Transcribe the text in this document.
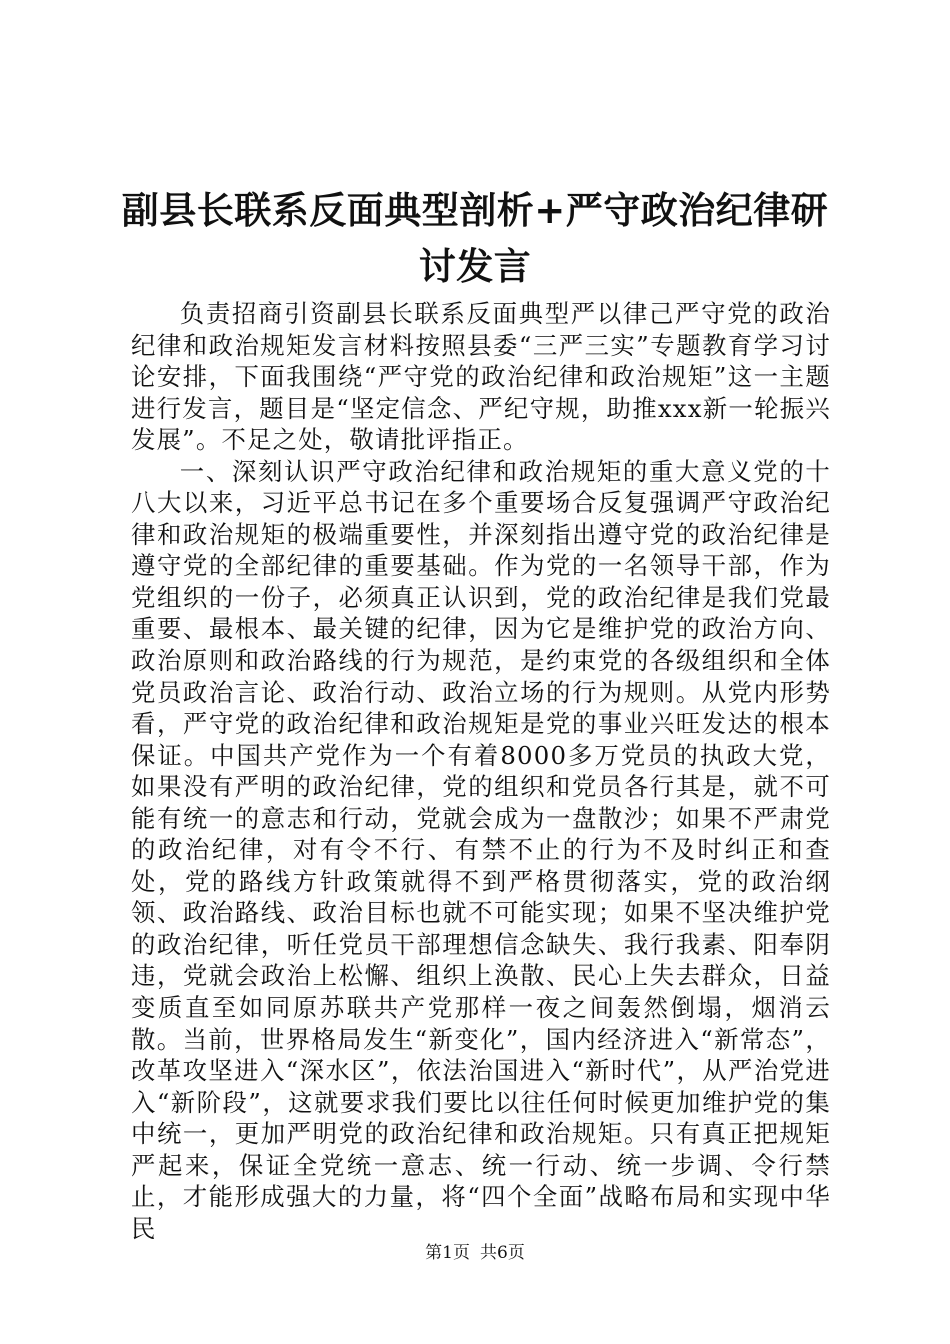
副县长联系反面典型剖析+严守政治纪律研讨发言

负责招商引资副县长联系反面典型严以律己严守党的政治纪律和政治规矩发言材料按照县委“三严三实”专题教育学习讨论安排，下面我围绕“严守党的政治纪律和政治规矩”这一主题进行发言，题目是“坚定信念、严纪守规，助推xxx新一轮振兴发展”。不足之处，敬请批评指正。

一、深刻认识严守政治纪律和政治规矩的重大意义党的十八大以来，习近平总书记在多个重要场合反复强调严守政治纪律和政治规矩的极端重要性，并深刻指出遵守党的政治纪律是遵守党的全部纪律的重要基础。作为党的一名领导干部，作为党组织的一份子，必须真正认识到，党的政治纪律是我们党最重要、最根本、最关键的纪律，因为它是维护党的政治方向、政治原则和政治路线的行为规范，是约束党的各级组织和全体党员政治言论、政治行动、政治立场的行为规则。从党内形势看，严守党的政治纪律和政治规矩是党的事业兴旺发达的根本保证。中国共产党作为一个有着8000多万党员的执政大党，如果没有严明的政治纪律，党的组织和党员各行其是，就不可能有统一的意志和行动，党就会成为一盘散沙；如果不严肃党的政治纪律，对有令不行、有禁不止的行为不及时纠正和查处，党的路线方针政策就得不到严格贯彻落实，党的政治纲领、政治路线、政治目标也就不可能实现；如果不坚决维护党的政治纪律，听任党员干部理想信念缺失、我行我素、阳奉阴违，党就会政治上松懈、组织上涣散、民心上失去群众，日益变质直至如同原苏联共产党那样一夜之间轰然倒塌，烟消云散。当前，世界格局发生“新变化”，国内经济进入“新常态”，改革攻坚进入“深水区”，依法治国进入“新时代”，从严治党进入“新阶段”，这就要求我们要比以往任何时候更加维护党的集中统一，更加严明党的政治纪律和政治规矩。只有真正把规矩严起来，保证全党统一意志、统一行动、统一步调、令行禁止，才能形成强大的力量，将“四个全面”战略布局和实现中华民

第1页 共6页
